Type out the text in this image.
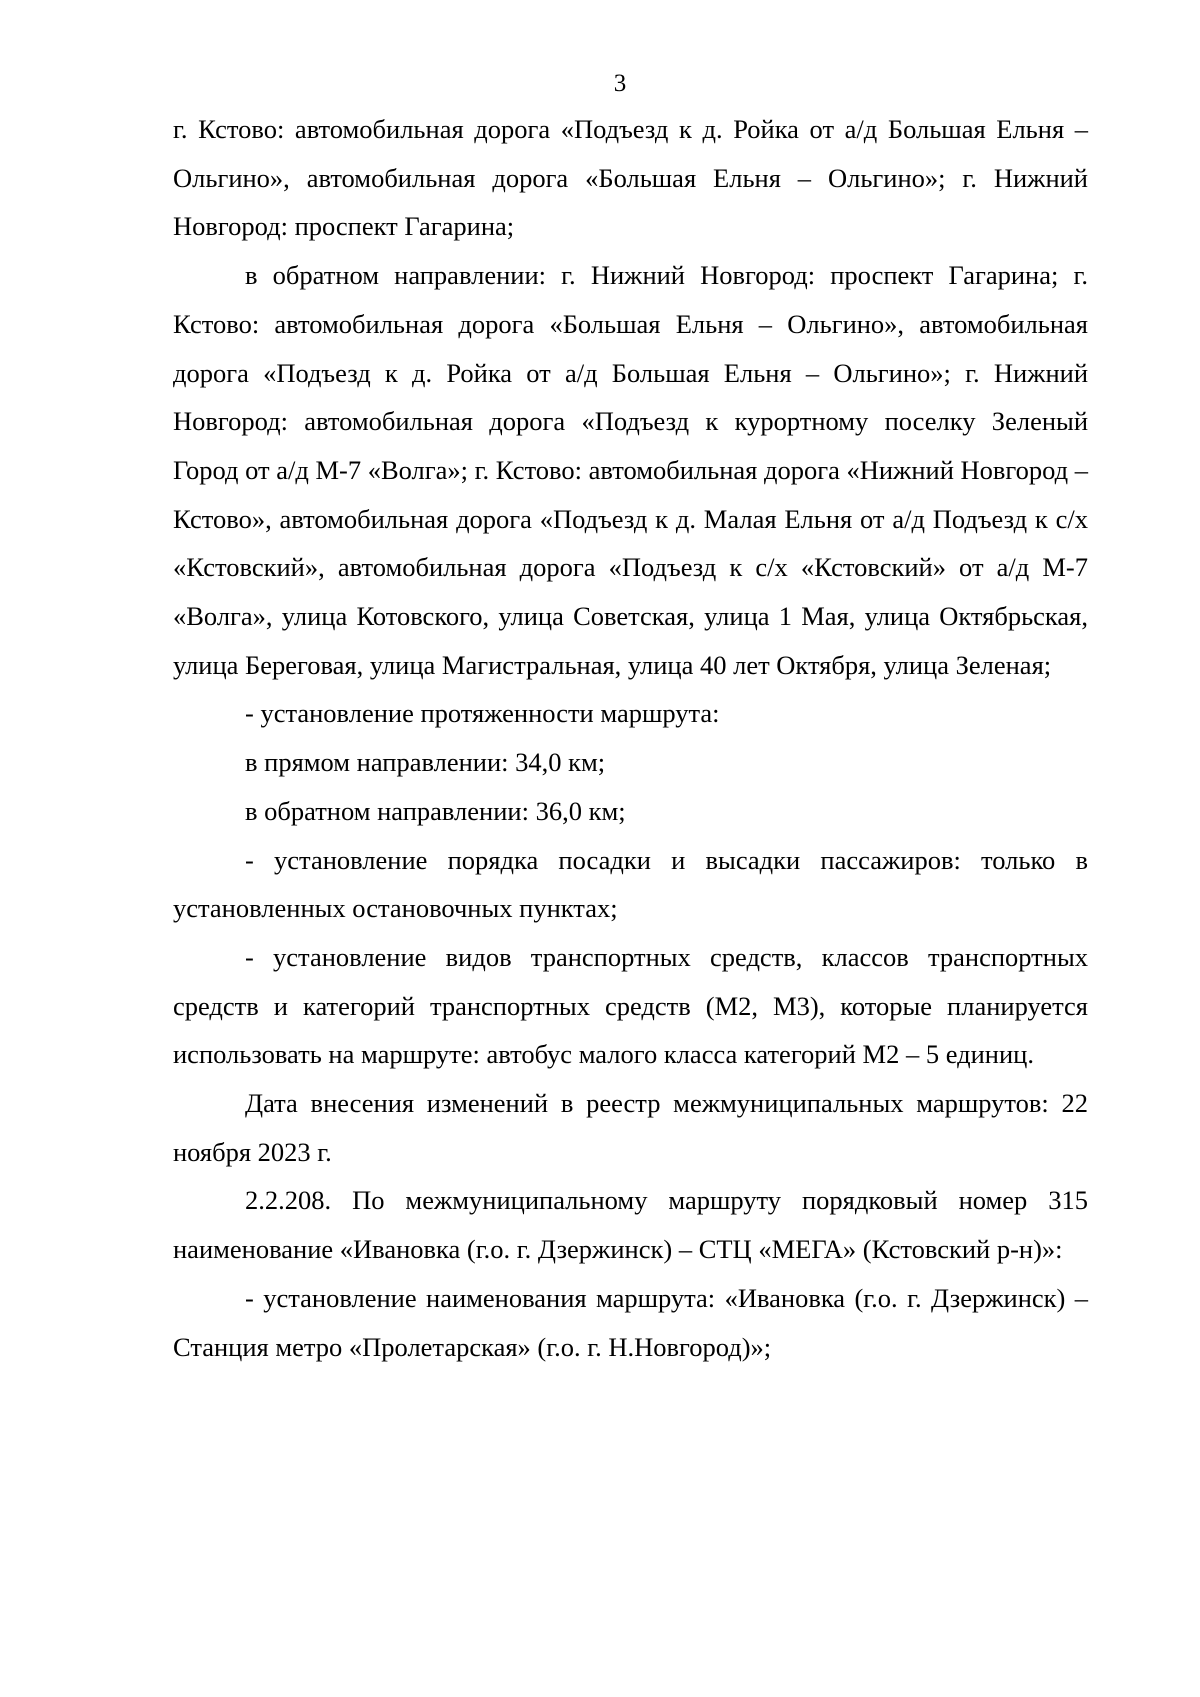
3

г. Кстово: автомобильная дорога «Подъезд к д. Ройка от а/д Большая Ельня – Ольгино», автомобильная дорога «Большая Ельня – Ольгино»; г. Нижний Новгород: проспект Гагарина;

в обратном направлении: г. Нижний Новгород: проспект Гагарина; г. Кстово: автомобильная дорога «Большая Ельня – Ольгино», автомобильная дорога «Подъезд к д. Ройка от а/д Большая Ельня – Ольгино»; г. Нижний Новгород: автомобильная дорога «Подъезд к курортному поселку Зеленый Город от а/д М-7 «Волга»; г. Кстово: автомобильная дорога «Нижний Новгород – Кстово», автомобильная дорога «Подъезд к д. Малая Ельня от а/д Подъезд к с/х «Кстовский», автомобильная дорога «Подъезд к с/х «Кстовский» от а/д М-7 «Волга», улица Котовского, улица Советская, улица 1 Мая, улица Октябрьская, улица Береговая, улица Магистральная, улица 40 лет Октября, улица Зеленая;

- установление протяженности маршрута:

в прямом направлении: 34,0 км;

в обратном направлении: 36,0 км;

- установление порядка посадки и высадки пассажиров: только в установленных остановочных пунктах;

- установление видов транспортных средств, классов транспортных средств и категорий транспортных средств (М2, М3), которые планируется использовать на маршруте: автобус малого класса категорий М2 – 5 единиц.

Дата внесения изменений в реестр межмуниципальных маршрутов: 22 ноября 2023 г.

2.2.208. По межмуниципальному маршруту порядковый номер 315 наименование «Ивановка (г.о. г. Дзержинск) – СТЦ «МЕГА» (Кстовский р-н)»:

- установление наименования маршрута: «Ивановка (г.о. г. Дзержинск) – Станция метро «Пролетарская» (г.о. г. Н.Новгород)»;
